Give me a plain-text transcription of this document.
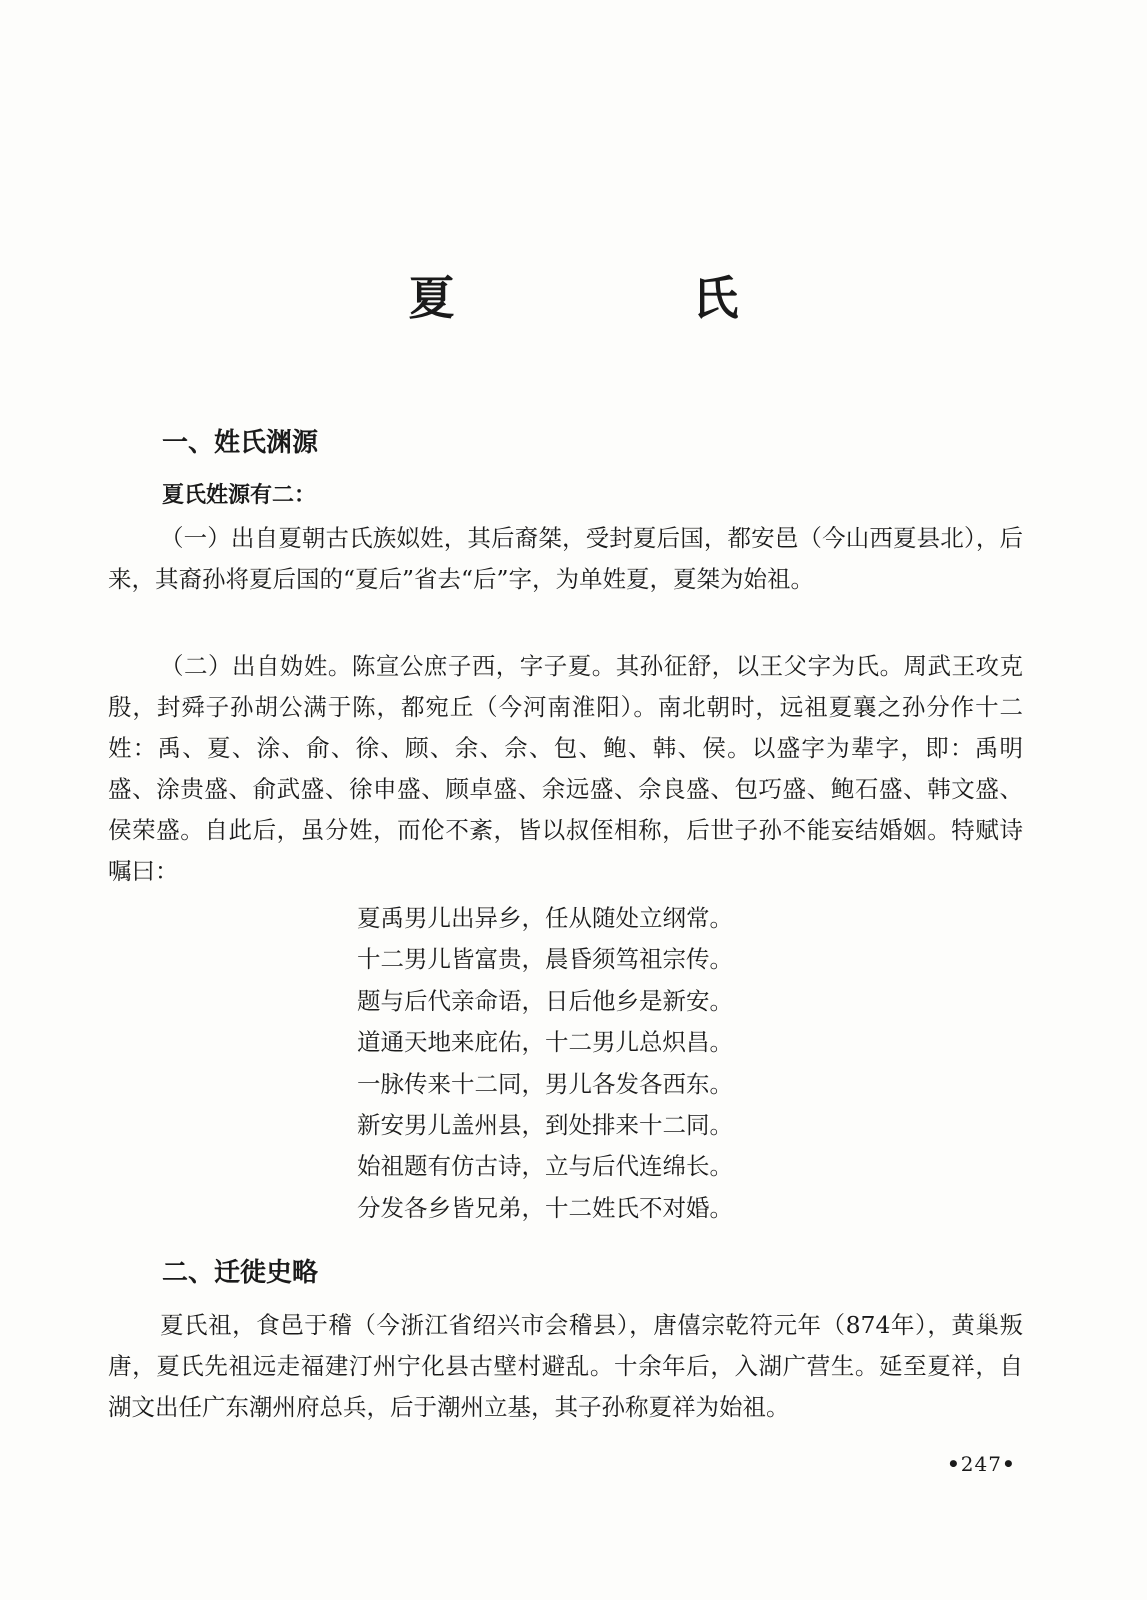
夏　氏
一、姓氏渊源
夏氏姓源有二：

（一）出自夏朝古氏族姒姓，其后裔桀，受封夏后国，都安邑（今山西夏县北），后来，其裔孙将夏后国的“夏后”省去“后”字，为单姓夏，夏桀为始祖。

（二）出自妫姓。陈宣公庶子西，字子夏。其孙征舒，以王父字为氏。周武王攻克殷，封舜子孙胡公满于陈，都宛丘（今河南淮阳）。南北朝时，远祖夏襄之孙分作十二姓：禹、夏、涂、俞、徐、顾、余、佘、包、鲍、韩、侯。以盛字为辈字，即：禹明盛、涂贵盛、俞武盛、徐申盛、顾卓盛、余远盛、佘良盛、包巧盛、鲍石盛、韩文盛、侯荣盛。自此后，虽分姓，而伦不紊，皆以叔侄相称，后世子孙不能妄结婚姻。特赋诗嘱曰：

夏禹男儿出异乡，任从随处立纲常。
十二男儿皆富贵，晨昏须笃祖宗传。
题与后代亲命语，日后他乡是新安。
道通天地来庇佑，十二男儿总炽昌。
一脉传来十二同，男儿各发各西东。
新安男儿盖州县，到处排来十二同。
始祖题有仿古诗，立与后代连绵长。
分发各乡皆兄弟，十二姓氏不对婚。
二、迁徙史略

夏氏祖，食邑于稽（今浙江省绍兴市会稽县），唐僖宗乾符元年（874年），黄巢叛唐，夏氏先祖远走福建汀州宁化县古壁村避乱。十余年后，入湖广营生。延至夏祥，自湖文出任广东潮州府总兵，后于潮州立基，其子孙称夏祥为始祖。

•247•
